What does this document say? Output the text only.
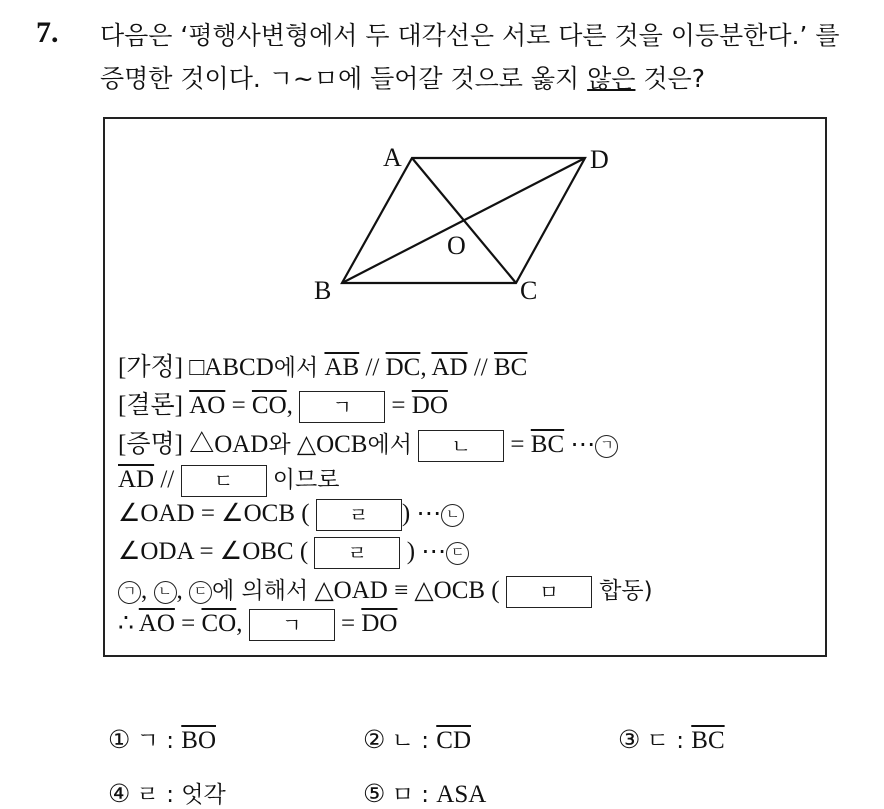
7. 다음은 ‘평행사변형에서 두 대각선은 서로 다른 것을 이등분한다.’ 를
증명한 것이다. ㄱ~ㅁ에 들어갈 것으로 옳지 않은 것은?
A	D
O
B	C
[가정] □ABCD에서 $\overline{AB} // \overline{DC}$, $\overline{AD} // \overline{BC}$
[결론] $\overline{AO} = \overline{CO}$, ㄱ = $\overline{DO}$
[증명] △OAD와 △OCB에서 ㄴ = $\overline{BC}$ ⋯ ㄱ
$\overline{AD}$ // ㄷ 이므로
∠OAD = ∠OCB ( ㄹ ) ⋯ ㄴ
∠ODA = ∠OBC ( ㄹ ) ⋯ ㄷ
ㄱ , ㄴ , ㄷ 에 의해서 △OAD ≡ △OCB ( ㅁ 합동)
∴ $\overline{AO} = \overline{CO}$, ㄱ = $\overline{DO}$
① ㄱ : $\overline{BO}$	② ㄴ : $\overline{CD}$	③ ㄷ : $\overline{BC}$
④ ㄹ : 엇각	⑤ ㅁ : ASA
